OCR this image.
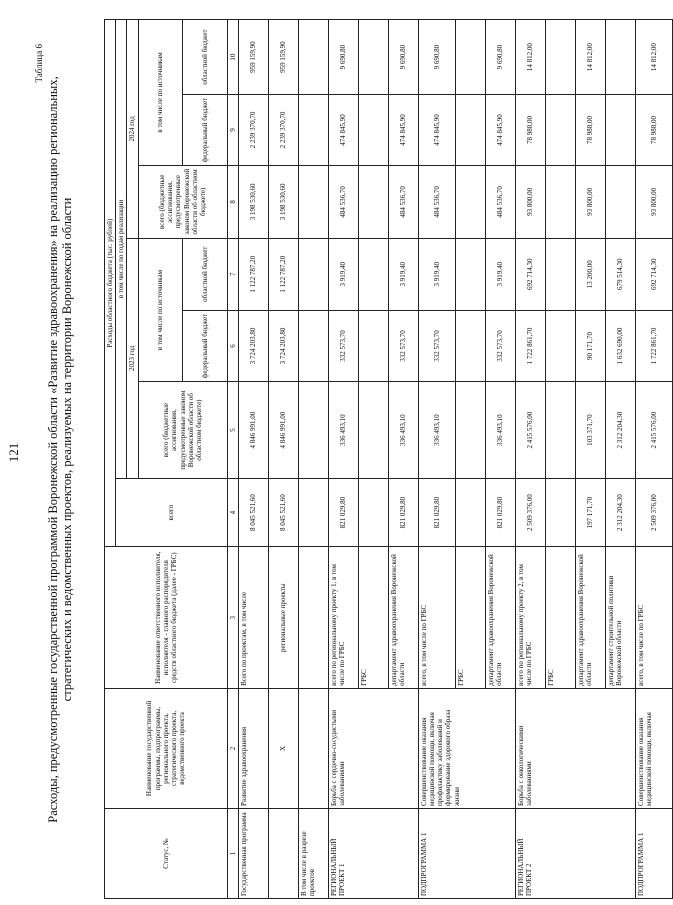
121
Таблица 6
Расходы, предусмотренные государственной программой Воронежской области «Развитие здравоохранения» на реализацию региональных, стратегических и ведомственных проектов, реализуемых на территории Воронежской области
Статус, №	Наименование государственной программы, подпрограммы, регионального проекта, стратегического проекта, ведомственного проекта	Наименование ответственного исполнителя, исполнителя - главного распорядителя средств областного бюджета (далее - ГРБС)	Расходы областного бюджета (тыс. рублей)						
			всего	в том числе по годам реализации					
				2023 год			2024 год		
				всего (бюджетные ассигнования, предусмотренные законом Воронежской области об областном бюджете)	в том числе по источникам		всего (бюджетные ассигнования, предусмотренные законом Воронежской области об областном бюджете)	в том числе по источникам	
					федеральный бюджет	областной бюджет		федеральный бюджет	областной бюджет
1	2	3	4	5	6	7	8	9	10
Государственная программа	Развитие здравоохранения	Всего по проектам, в том числе	8 045 521,60	4 846 991,00	3 724 203,80	1 122 787,20	3 198 530,60	2 239 370,70	959 159,90
	X	региональные проекты	8 045 521,60	4 846 991,00	3 724 203,80	1 122 787,20	3 198 530,60	2 239 370,70	959 159,90
В том числе в разрезе проектов									
РЕГИОНАЛЬНЫЙ ПРОЕКТ 1	Борьба с сердечно-сосудистыми заболеваниями	всего по региональному проекту 1, в том числе по ГРБС	821 029,80	336 493,10	332 573,70	3 919,40	484 536,70	474 845,90	9 690,80
		ГРБС							
		департамент здравоохранения Воронежской области	821 029,80	336 493,10	332 573,70	3 919,40	484 536,70	474 845,90	9 690,80
ПОДПРОГРАММА 1	Совершенствование оказания медицинской помощи, включая профилактику заболеваний и формирование здорового образа жизни	всего, в том числе по ГРБС	821 029,80	336 493,10	332 573,70	3 919,40	484 536,70	474 845,90	9 690,80
		ГРБС							
		департамент здравоохранения Воронежской области	821 029,80	336 493,10	332 573,70	3 919,40	484 536,70	474 845,90	9 690,80
РЕГИОНАЛЬНЫЙ ПРОЕКТ 2	Борьба с онкологическими заболеваниями	всего по региональному проекту 2, в том числе по ГРБС	2 509 376,00	2 415 576,00	1 722 861,70	692 714,30	93 800,00	78 988,00	14 812,00
		ГРБС							
		департамент здравоохранения Воронежской области	197 171,70	103 371,70	90 171,70	13 200,00	93 800,00	78 988,00	14 812,00
		департамент строительной политики Воронежской области	2 312 204,30	2 312 204,30	1 632 690,00	679 514,30			
ПОДПРОГРАММА 1	Совершенствование оказания медицинской помощи, включая	всего, в том числе по ГРБС	2 509 376,00	2 415 576,00	1 722 861,70	692 714,30	93 800,00	78 988,00	14 812,00
